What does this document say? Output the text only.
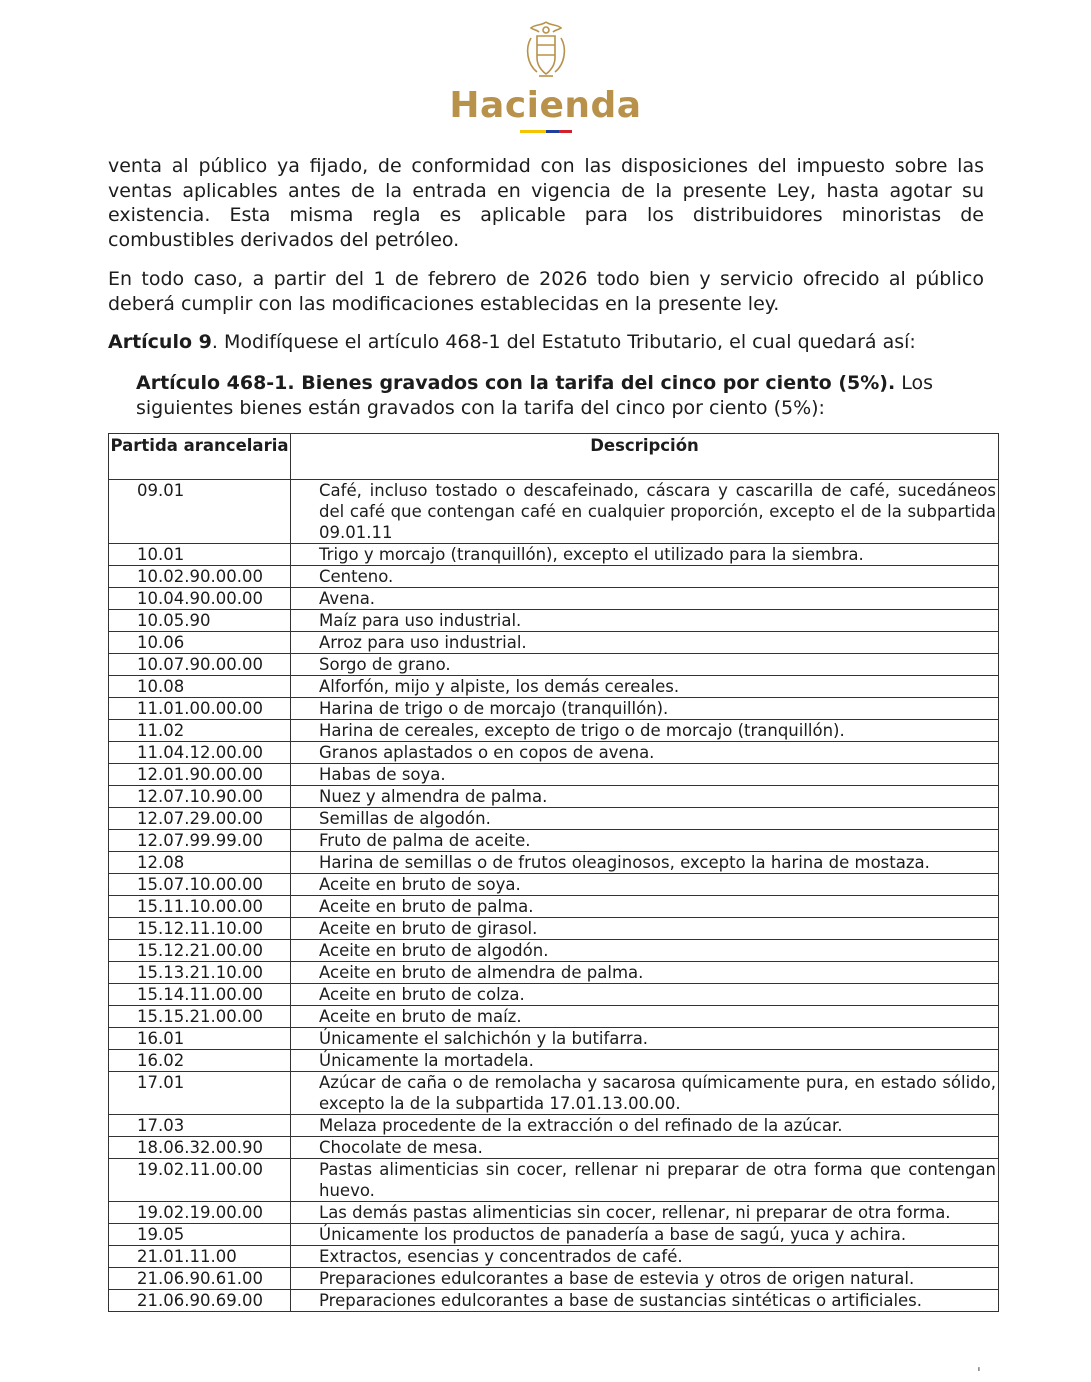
Hacienda

venta al público ya fijado, de conformidad con las disposiciones del impuesto sobre las ventas aplicables antes de la entrada en vigencia de la presente Ley, hasta agotar su existencia. Esta misma regla es aplicable para los distribuidores minoristas de combustibles derivados del petróleo.

En todo caso, a partir del 1 de febrero de 2026 todo bien y servicio ofrecido al público deberá cumplir con las modificaciones establecidas en la presente ley.

Artículo 9. Modifíquese el artículo 468-1 del Estatuto Tributario, el cual quedará así:

Artículo 468-1. Bienes gravados con la tarifa del cinco por ciento (5%). Los siguientes bienes están gravados con la tarifa del cinco por ciento (5%):

Partida arancelaria	Descripción
09.01	Café, incluso tostado o descafeinado, cáscara y cascarilla de café, sucedáneos del café que contengan café en cualquier proporción, excepto el de la subpartida 09.01.11
10.01	Trigo y morcajo (tranquillón), excepto el utilizado para la siembra.
10.02.90.00.00	Centeno.
10.04.90.00.00	Avena.
10.05.90	Maíz para uso industrial.
10.06	Arroz para uso industrial.
10.07.90.00.00	Sorgo de grano.
10.08	Alforfón, mijo y alpiste, los demás cereales.
11.01.00.00.00	Harina de trigo o de morcajo (tranquillón).
11.02	Harina de cereales, excepto de trigo o de morcajo (tranquillón).
11.04.12.00.00	Granos aplastados o en copos de avena.
12.01.90.00.00	Habas de soya.
12.07.10.90.00	Nuez y almendra de palma.
12.07.29.00.00	Semillas de algodón.
12.07.99.99.00	Fruto de palma de aceite.
12.08	Harina de semillas o de frutos oleaginosos, excepto la harina de mostaza.
15.07.10.00.00	Aceite en bruto de soya.
15.11.10.00.00	Aceite en bruto de palma.
15.12.11.10.00	Aceite en bruto de girasol.
15.12.21.00.00	Aceite en bruto de algodón.
15.13.21.10.00	Aceite en bruto de almendra de palma.
15.14.11.00.00	Aceite en bruto de colza.
15.15.21.00.00	Aceite en bruto de maíz.
16.01	Únicamente el salchichón y la butifarra.
16.02	Únicamente la mortadela.
17.01	Azúcar de caña o de remolacha y sacarosa químicamente pura, en estado sólido, excepto la de la subpartida 17.01.13.00.00.
17.03	Melaza procedente de la extracción o del refinado de la azúcar.
18.06.32.00.90	Chocolate de mesa.
19.02.11.00.00	Pastas alimenticias sin cocer, rellenar ni preparar de otra forma que contengan huevo.
19.02.19.00.00	Las demás pastas alimenticias sin cocer, rellenar, ni preparar de otra forma.
19.05	Únicamente los productos de panadería a base de sagú, yuca y achira.
21.01.11.00	Extractos, esencias y concentrados de café.
21.06.90.61.00	Preparaciones edulcorantes a base de estevia y otros de origen natural.
21.06.90.69.00	Preparaciones edulcorantes a base de sustancias sintéticas o artificiales.
ˈ
